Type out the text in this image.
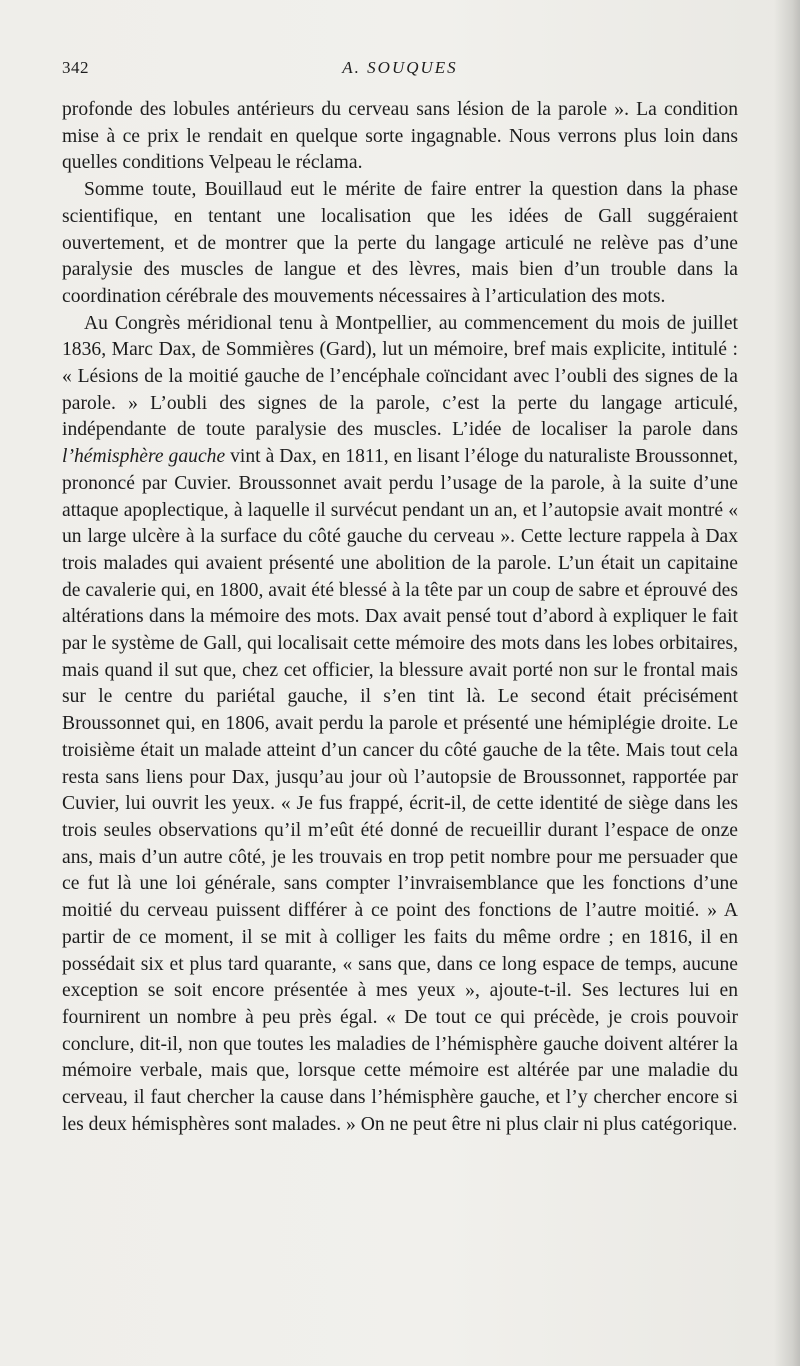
342	A. SOUQUES

profonde des lobules antérieurs du cerveau sans lésion de la parole ». La condition mise à ce prix le rendait en quelque sorte ingagnable. Nous verrons plus loin dans quelles conditions Velpeau le réclama.

Somme toute, Bouillaud eut le mérite de faire entrer la question dans la phase scientifique, en tentant une localisation que les idées de Gall suggéraient ouvertement, et de montrer que la perte du langage articulé ne relève pas d’une paralysie des muscles de langue et des lèvres, mais bien d’un trouble dans la coordination cérébrale des mouvements nécessaires à l’articulation des mots.

Au Congrès méridional tenu à Montpellier, au commencement du mois de juillet 1836, Marc Dax, de Sommières (Gard), lut un mémoire, bref mais explicite, intitulé : « Lésions de la moitié gauche de l’encéphale coïncidant avec l’oubli des signes de la parole. » L’oubli des signes de la parole, c’est la perte du langage articulé, indépendante de toute paralysie des muscles. L’idée de localiser la parole dans l’hémisphère gauche vint à Dax, en 1811, en lisant l’éloge du naturaliste Broussonnet, prononcé par Cuvier. Broussonnet avait perdu l’usage de la parole, à la suite d’une attaque apoplectique, à laquelle il survécut pendant un an, et l’autopsie avait montré « un large ulcère à la surface du côté gauche du cerveau ». Cette lecture rappela à Dax trois malades qui avaient présenté une abolition de la parole. L’un était un capitaine de cavalerie qui, en 1800, avait été blessé à la tête par un coup de sabre et éprouvé des altérations dans la mémoire des mots. Dax avait pensé tout d’abord à expliquer le fait par le système de Gall, qui localisait cette mémoire des mots dans les lobes orbitaires, mais quand il sut que, chez cet officier, la blessure avait porté non sur le frontal mais sur le centre du pariétal gauche, il s’en tint là. Le second était précisément Broussonnet qui, en 1806, avait perdu la parole et présenté une hémiplégie droite. Le troisième était un malade atteint d’un cancer du côté gauche de la tête. Mais tout cela resta sans liens pour Dax, jusqu’au jour où l’autopsie de Broussonnet, rapportée par Cuvier, lui ouvrit les yeux. « Je fus frappé, écrit-il, de cette identité de siège dans les trois seules observations qu’il m’eût été donné de recueillir durant l’espace de onze ans, mais d’un autre côté, je les trouvais en trop petit nombre pour me persuader que ce fut là une loi générale, sans compter l’invraisemblance que les fonctions d’une moitié du cerveau puissent différer à ce point des fonctions de l’autre moitié. » A partir de ce moment, il se mit à colliger les faits du même ordre ; en 1816, il en possédait six et plus tard quarante, « sans que, dans ce long espace de temps, aucune exception se soit encore présentée à mes yeux », ajoute-t-il. Ses lectures lui en fournirent un nombre à peu près égal. « De tout ce qui précède, je crois pouvoir conclure, dit-il, non que toutes les maladies de l’hémisphère gauche doivent altérer la mémoire verbale, mais que, lorsque cette mémoire est altérée par une maladie du cerveau, il faut chercher la cause dans l’hémisphère gauche, et l’y chercher encore si les deux hémisphères sont malades. » On ne peut être ni plus clair ni plus catégorique.
